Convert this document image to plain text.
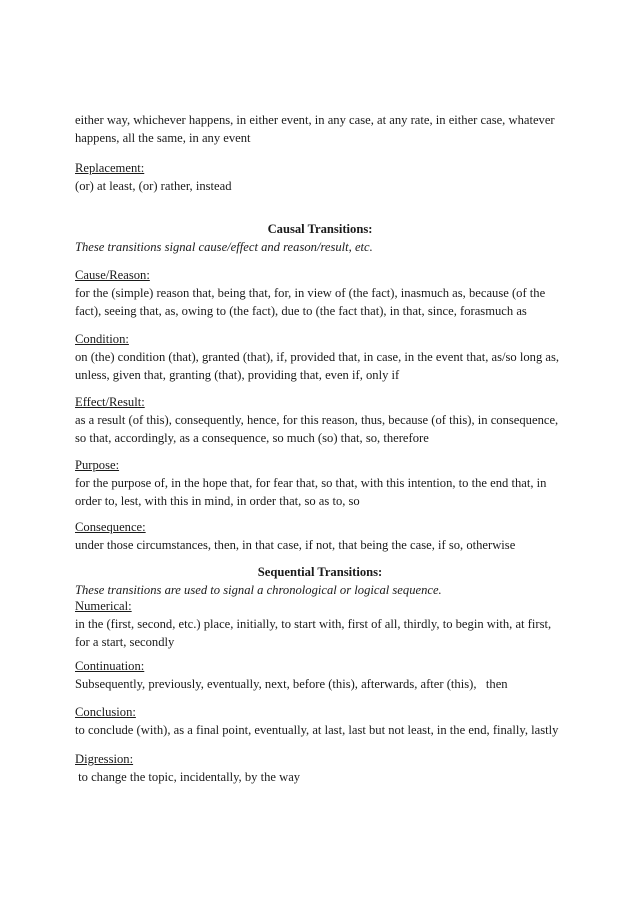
either way, whichever happens, in either event, in any case, at any rate, in either case, whatever
happens, all the same, in any event
Replacement:
(or) at least, (or) rather, instead
Causal Transitions:
These transitions signal cause/effect and reason/result, etc.
Cause/Reason:
for the (simple) reason that, being that, for, in view of (the fact), inasmuch as, because (of the
fact), seeing that, as, owing to (the fact), due to (the fact that), in that, since, forasmuch as
Condition:
on (the) condition (that), granted (that), if, provided that, in case, in the event that, as/so long as,
unless, given that, granting (that), providing that, even if, only if
Effect/Result:
as a result (of this), consequently, hence, for this reason, thus, because (of this), in consequence,
so that, accordingly, as a consequence, so much (so) that, so, therefore
Purpose:
for the purpose of, in the hope that, for fear that, so that, with this intention, to the end that, in
order to, lest, with this in mind, in order that, so as to, so
Consequence:
under those circumstances, then, in that case, if not, that being the case, if so, otherwise
Sequential Transitions:
These transitions are used to signal a chronological or logical sequence.
Numerical:
in the (first, second, etc.) place, initially, to start with, first of all, thirdly, to begin with, at first,
for a start, secondly
Continuation:
Subsequently, previously, eventually, next, before (this), afterwards, after (this),   then
Conclusion:
to conclude (with), as a final point, eventually, at last, last but not least, in the end, finally, lastly
Digression:
to change the topic, incidentally, by the way
